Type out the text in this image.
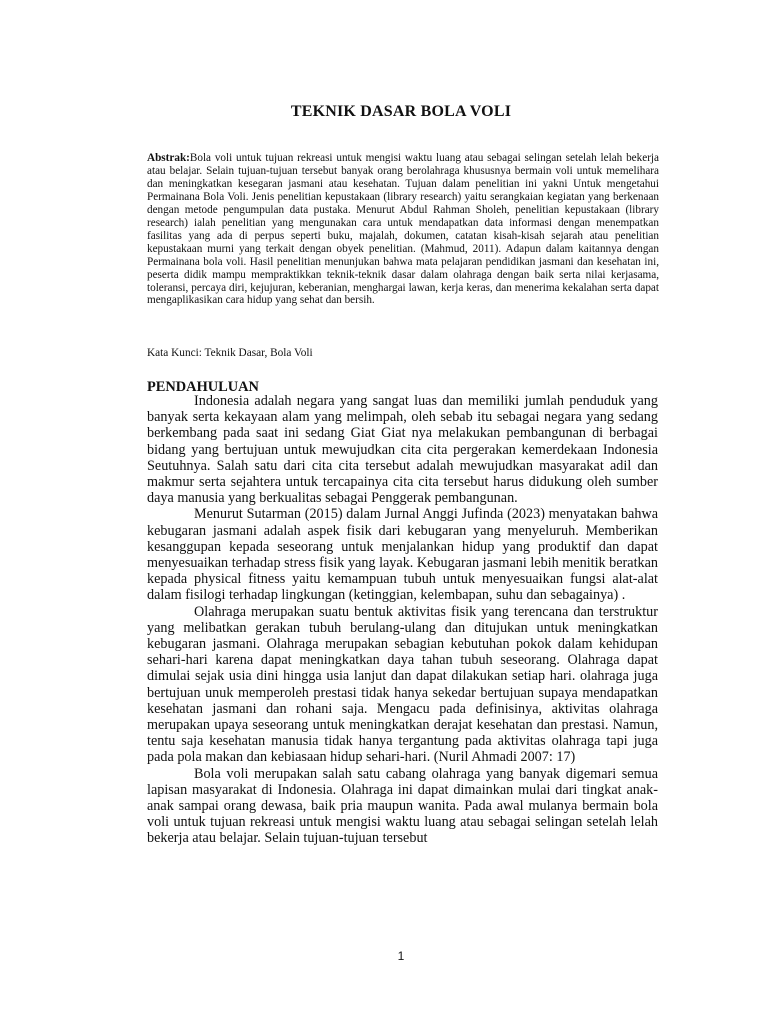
TEKNIK DASAR BOLA VOLI
Abstrak:Bola voli untuk tujuan rekreasi untuk mengisi waktu luang atau sebagai selingan setelah lelah bekerja atau belajar. Selain tujuan-tujuan tersebut banyak orang berolahraga khususnya bermain voli untuk memelihara dan meningkatkan kesegaran jasmani atau kesehatan. Tujuan dalam penelitian ini yakni Untuk mengetahui Permainana Bola Voli. Jenis penelitian kepustakaan (library research) yaitu serangkaian kegiatan yang berkenaan dengan metode pengumpulan data pustaka. Menurut Abdul Rahman Sholeh, penelitian kepustakaan (library research) ialah penelitian yang mengunakan cara untuk mendapatkan data informasi dengan menempatkan fasilitas yang ada di perpus seperti buku, majalah, dokumen, catatan kisah-kisah sejarah atau penelitian kepustakaan murni yang terkait dengan obyek penelitian. (Mahmud, 2011). Adapun dalam kaitannya dengan Permainana bola voli. Hasil penelitian menunjukan bahwa mata pelajaran pendidikan jasmani dan kesehatan ini, peserta didik mampu mempraktikkan teknik-teknik dasar dalam olahraga dengan baik serta nilai kerjasama, toleransi, percaya diri, kejujuran, keberanian, menghargai lawan, kerja keras, dan menerima kekalahan serta dapat mengaplikasikan cara hidup yang sehat dan bersih.
Kata Kunci: Teknik Dasar, Bola Voli
PENDAHULUAN

Indonesia adalah negara yang sangat luas dan memiliki jumlah penduduk yang banyak serta kekayaan alam yang melimpah, oleh sebab itu sebagai negara yang sedang berkembang pada saat ini sedang Giat Giat nya melakukan pembangunan di berbagai bidang yang bertujuan untuk mewujudkan cita cita pergerakan kemerdekaan Indonesia Seutuhnya. Salah satu dari cita cita tersebut adalah mewujudkan masyarakat adil dan makmur serta sejahtera untuk tercapainya cita cita tersebut harus didukung oleh sumber daya manusia yang berkualitas sebagai Penggerak pembangunan.

Menurut Sutarman (2015) dalam Jurnal Anggi Jufinda (2023) menyatakan bahwa kebugaran jasmani adalah aspek fisik dari kebugaran yang menyeluruh. Memberikan kesanggupan kepada seseorang untuk menjalankan hidup yang produktif dan dapat menyesuaikan terhadap stress fisik yang layak. Kebugaran jasmani lebih menitik beratkan kepada physical fitness yaitu kemampuan tubuh untuk menyesuaikan fungsi alat-alat dalam fisilogi terhadap lingkungan (ketinggian, kelembapan, suhu dan sebagainya) .

Olahraga merupakan suatu bentuk aktivitas fisik yang terencana dan terstruktur yang melibatkan gerakan tubuh berulang-ulang dan ditujukan untuk meningkatkan kebugaran jasmani. Olahraga merupakan sebagian kebutuhan pokok dalam kehidupan sehari-hari karena dapat meningkatkan daya tahan tubuh seseorang. Olahraga dapat dimulai sejak usia dini hingga usia lanjut dan dapat dilakukan setiap hari. olahraga juga bertujuan unuk memperoleh prestasi tidak hanya sekedar bertujuan supaya mendapatkan kesehatan jasmani dan rohani saja. Mengacu pada definisinya, aktivitas olahraga merupakan upaya seseorang untuk meningkatkan derajat kesehatan dan prestasi. Namun, tentu saja kesehatan manusia tidak hanya tergantung pada aktivitas olahraga tapi juga pada pola makan dan kebiasaan hidup sehari-hari. (Nuril Ahmadi 2007: 17)

Bola voli merupakan salah satu cabang olahraga yang banyak digemari semua lapisan masyarakat di Indonesia. Olahraga ini dapat dimainkan mulai dari tingkat anak-anak sampai orang dewasa, baik pria maupun wanita. Pada awal mulanya bermain bola voli untuk tujuan rekreasi untuk mengisi waktu luang atau sebagai selingan setelah lelah bekerja atau belajar. Selain tujuan-tujuan tersebut

1
